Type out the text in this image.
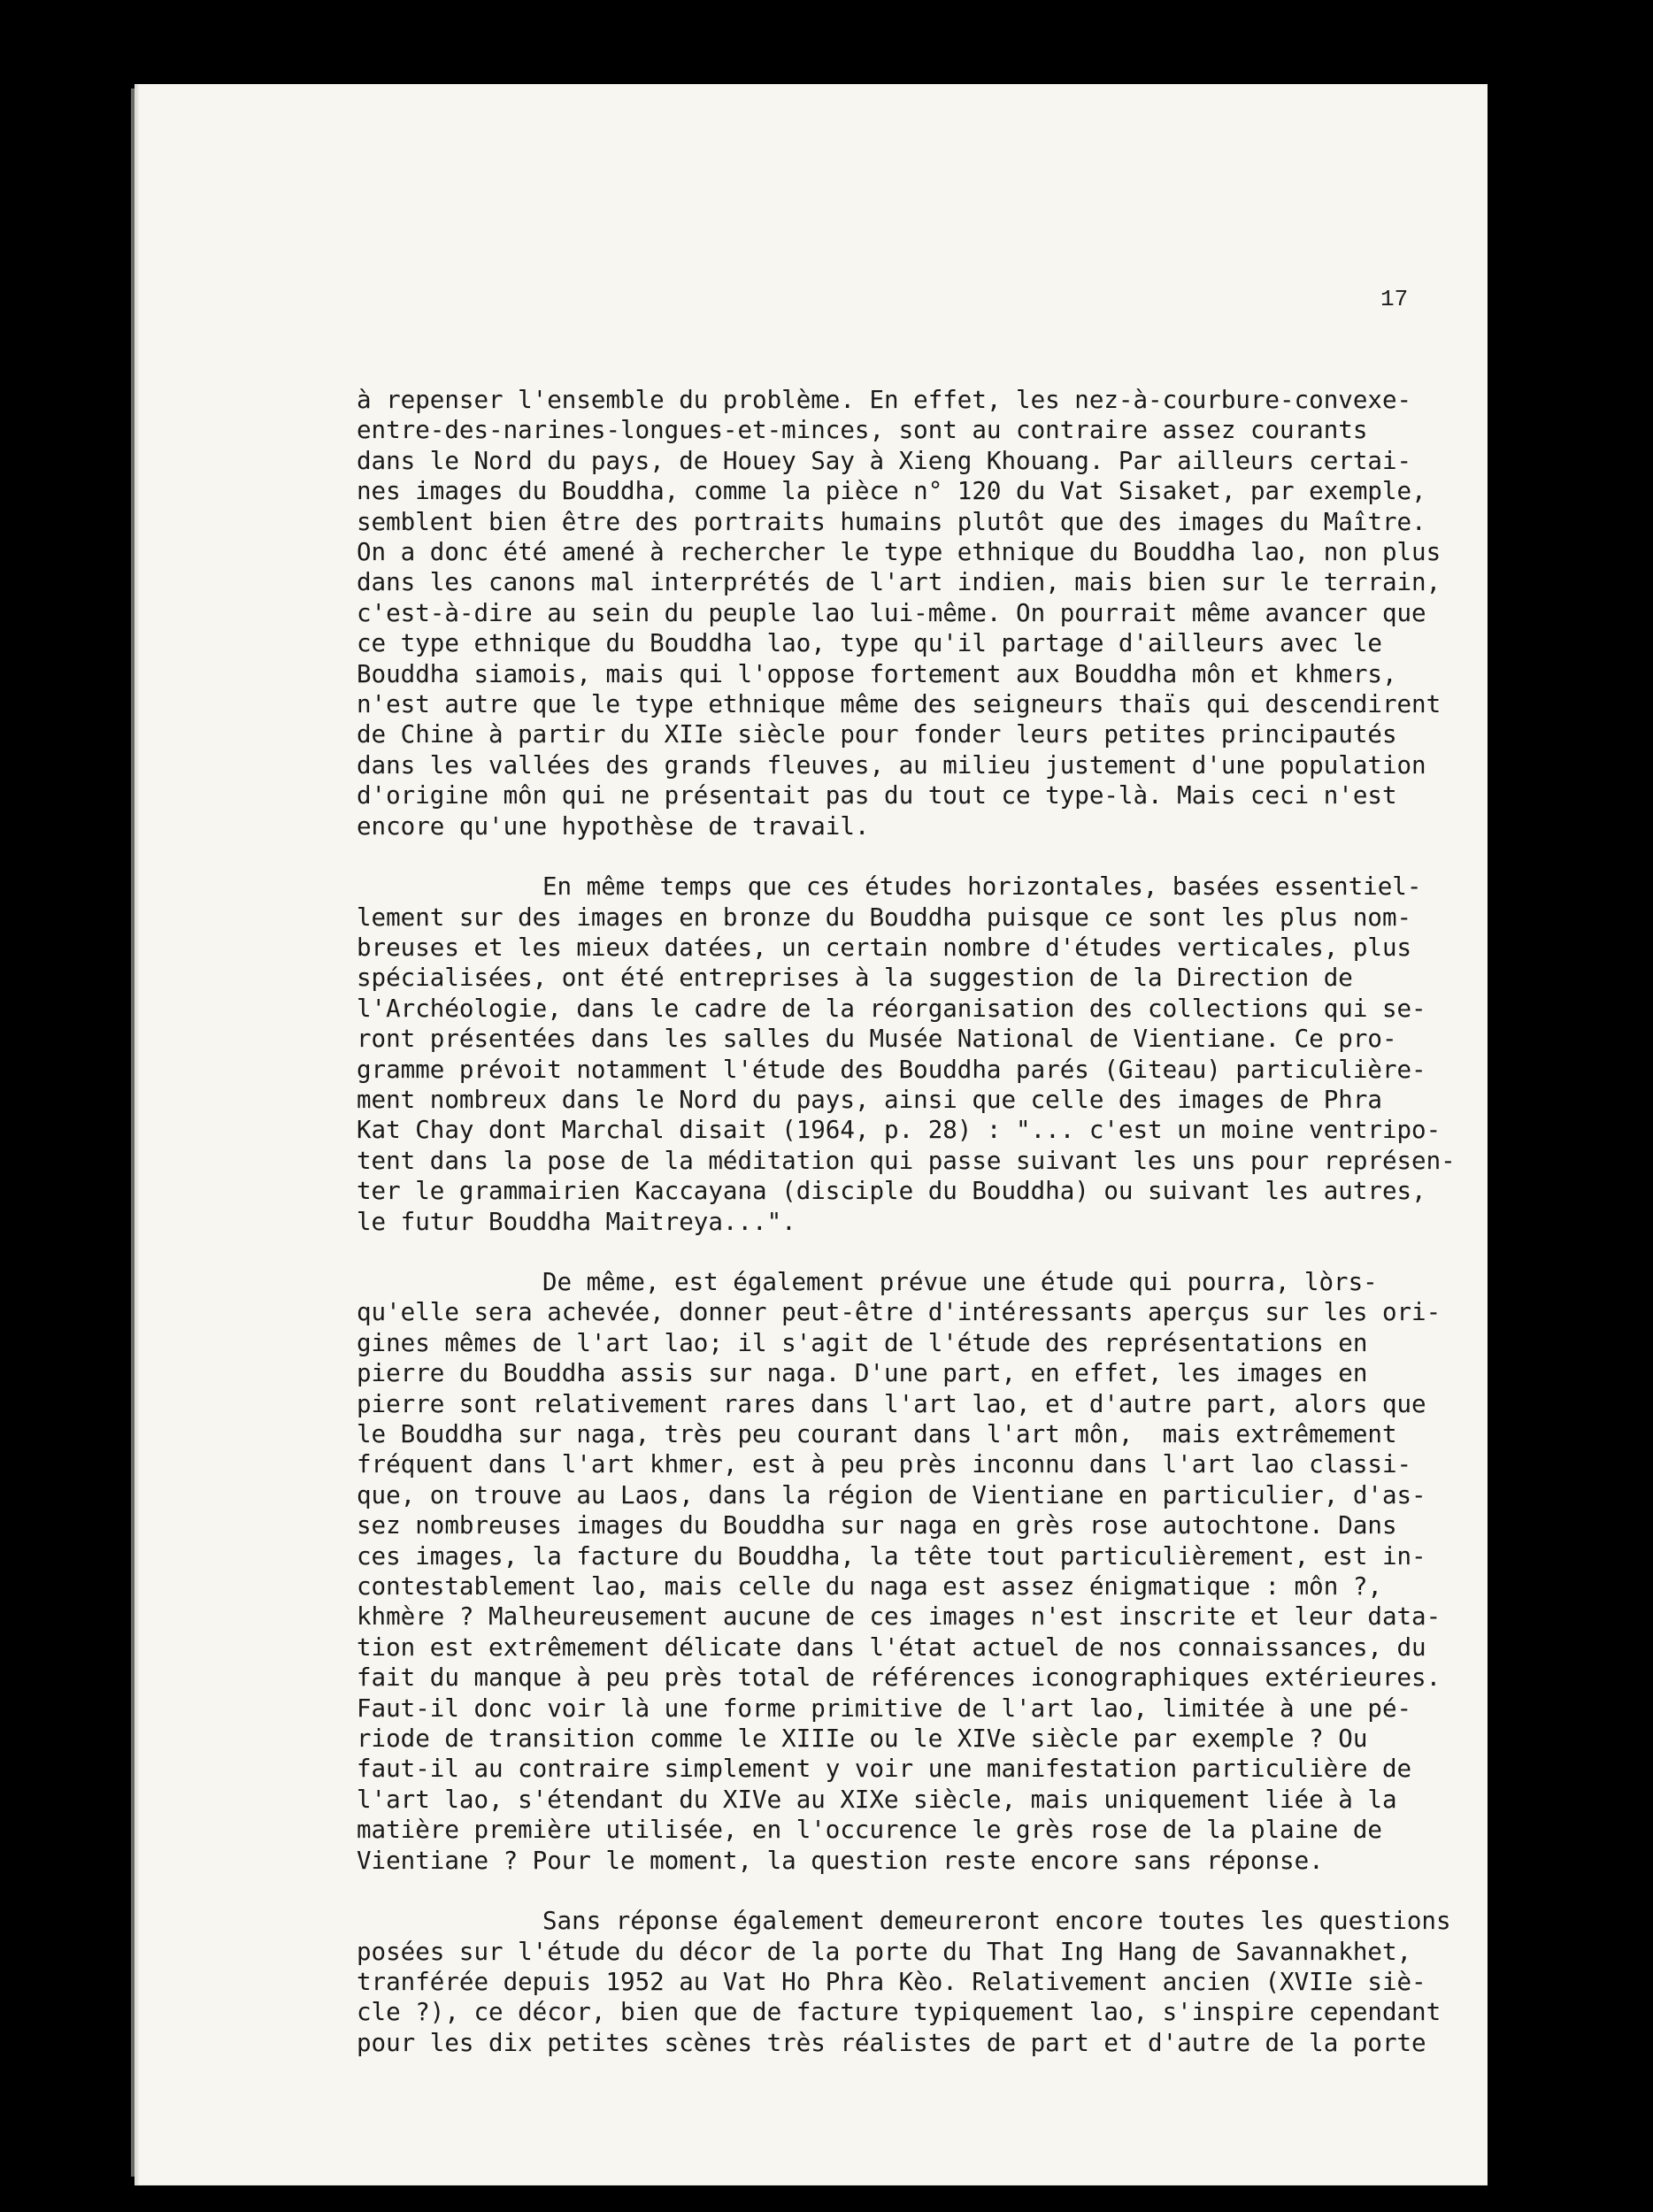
17
à repenser l'ensemble du problème. En effet, les nez-à-courbure-convexe-
entre-des-narines-longues-et-minces, sont au contraire assez courants
dans le Nord du pays, de Houey Say à Xieng Khouang. Par ailleurs certai-
nes images du Bouddha, comme la pièce n° 120 du Vat Sisaket, par exemple,
semblent bien être des portraits humains plutôt que des images du Maître.
On a donc été amené à rechercher le type ethnique du Bouddha lao, non plus
dans les canons mal interprétés de l'art indien, mais bien sur le terrain,
c'est-à-dire au sein du peuple lao lui-même. On pourrait même avancer que
ce type ethnique du Bouddha lao, type qu'il partage d'ailleurs avec le
Bouddha siamois, mais qui l'oppose fortement aux Bouddha môn et khmers,
n'est autre que le type ethnique même des seigneurs thaïs qui descendirent
de Chine à partir du XIIe siècle pour fonder leurs petites principautés
dans les vallées des grands fleuves, au milieu justement d'une population
d'origine môn qui ne présentait pas du tout ce type-là. Mais ceci n'est
encore qu'une hypothèse de travail.
En même temps que ces études horizontales, basées essentiel-
lement sur des images en bronze du Bouddha puisque ce sont les plus nom-
breuses et les mieux datées, un certain nombre d'études verticales, plus
spécialisées, ont été entreprises à la suggestion de la Direction de
l'Archéologie, dans le cadre de la réorganisation des collections qui se-
ront présentées dans les salles du Musée National de Vientiane. Ce pro-
gramme prévoit notamment l'étude des Bouddha parés (Giteau) particulière-
ment nombreux dans le Nord du pays, ainsi que celle des images de Phra
Kat Chay dont Marchal disait (1964, p. 28) : "... c'est un moine ventripo-
tent dans la pose de la méditation qui passe suivant les uns pour représen-
ter le grammairien Kaccayana (disciple du Bouddha) ou suivant les autres,
le futur Bouddha Maitreya...".
De même, est également prévue une étude qui pourra, lòrs-
qu'elle sera achevée, donner peut-être d'intéressants aperçus sur les ori-
gines mêmes de l'art lao; il s'agit de l'étude des représentations en
pierre du Bouddha assis sur naga. D'une part, en effet, les images en
pierre sont relativement rares dans l'art lao, et d'autre part, alors que
le Bouddha sur naga, très peu courant dans l'art môn,  mais extrêmement
fréquent dans l'art khmer, est à peu près inconnu dans l'art lao classi-
que, on trouve au Laos, dans la région de Vientiane en particulier, d'as-
sez nombreuses images du Bouddha sur naga en grès rose autochtone. Dans
ces images, la facture du Bouddha, la tête tout particulièrement, est in-
contestablement lao, mais celle du naga est assez énigmatique : môn ?,
khmère ? Malheureusement aucune de ces images n'est inscrite et leur data-
tion est extrêmement délicate dans l'état actuel de nos connaissances, du
fait du manque à peu près total de références iconographiques extérieures.
Faut-il donc voir là une forme primitive de l'art lao, limitée à une pé-
riode de transition comme le XIIIe ou le XIVe siècle par exemple ? Ou
faut-il au contraire simplement y voir une manifestation particulière de
l'art lao, s'étendant du XIVe au XIXe siècle, mais uniquement liée à la
matière première utilisée, en l'occurence le grès rose de la plaine de
Vientiane ? Pour le moment, la question reste encore sans réponse.
Sans réponse également demeureront encore toutes les questions
posées sur l'étude du décor de la porte du That Ing Hang de Savannakhet,
tranférée depuis 1952 au Vat Ho Phra Kèo. Relativement ancien (XVIIe siè-
cle ?), ce décor, bien que de facture typiquement lao, s'inspire cependant
pour les dix petites scènes très réalistes de part et d'autre de la porte
